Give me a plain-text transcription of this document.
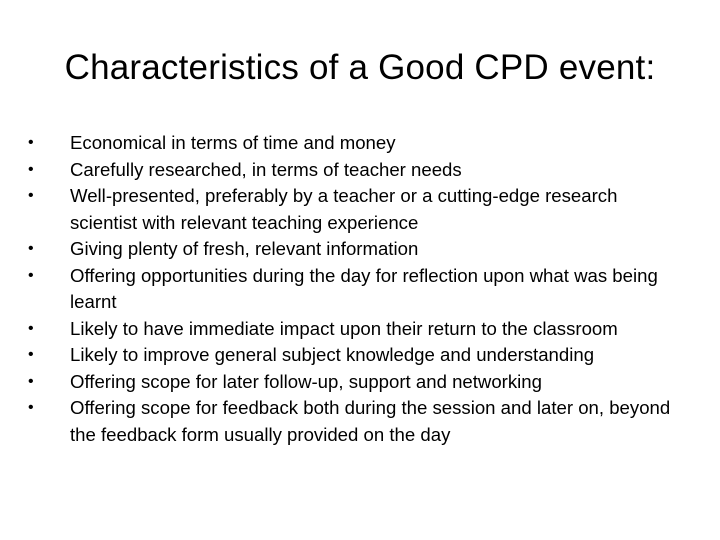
Characteristics of a Good CPD event:
•	Economical in terms of time and money
•	Carefully researched, in terms of teacher needs
•	Well-presented, preferably by a teacher or a cutting-edge research scientist with relevant teaching experience
•	Giving plenty of fresh, relevant information
•	Offering opportunities during the day for reflection upon what was being learnt
•	Likely to have immediate impact upon their return to the classroom
•	Likely to improve general subject knowledge and understanding
•	Offering scope for later follow-up, support and networking
•	Offering scope for feedback both during the session and later on, beyond the feedback form usually provided on the day
